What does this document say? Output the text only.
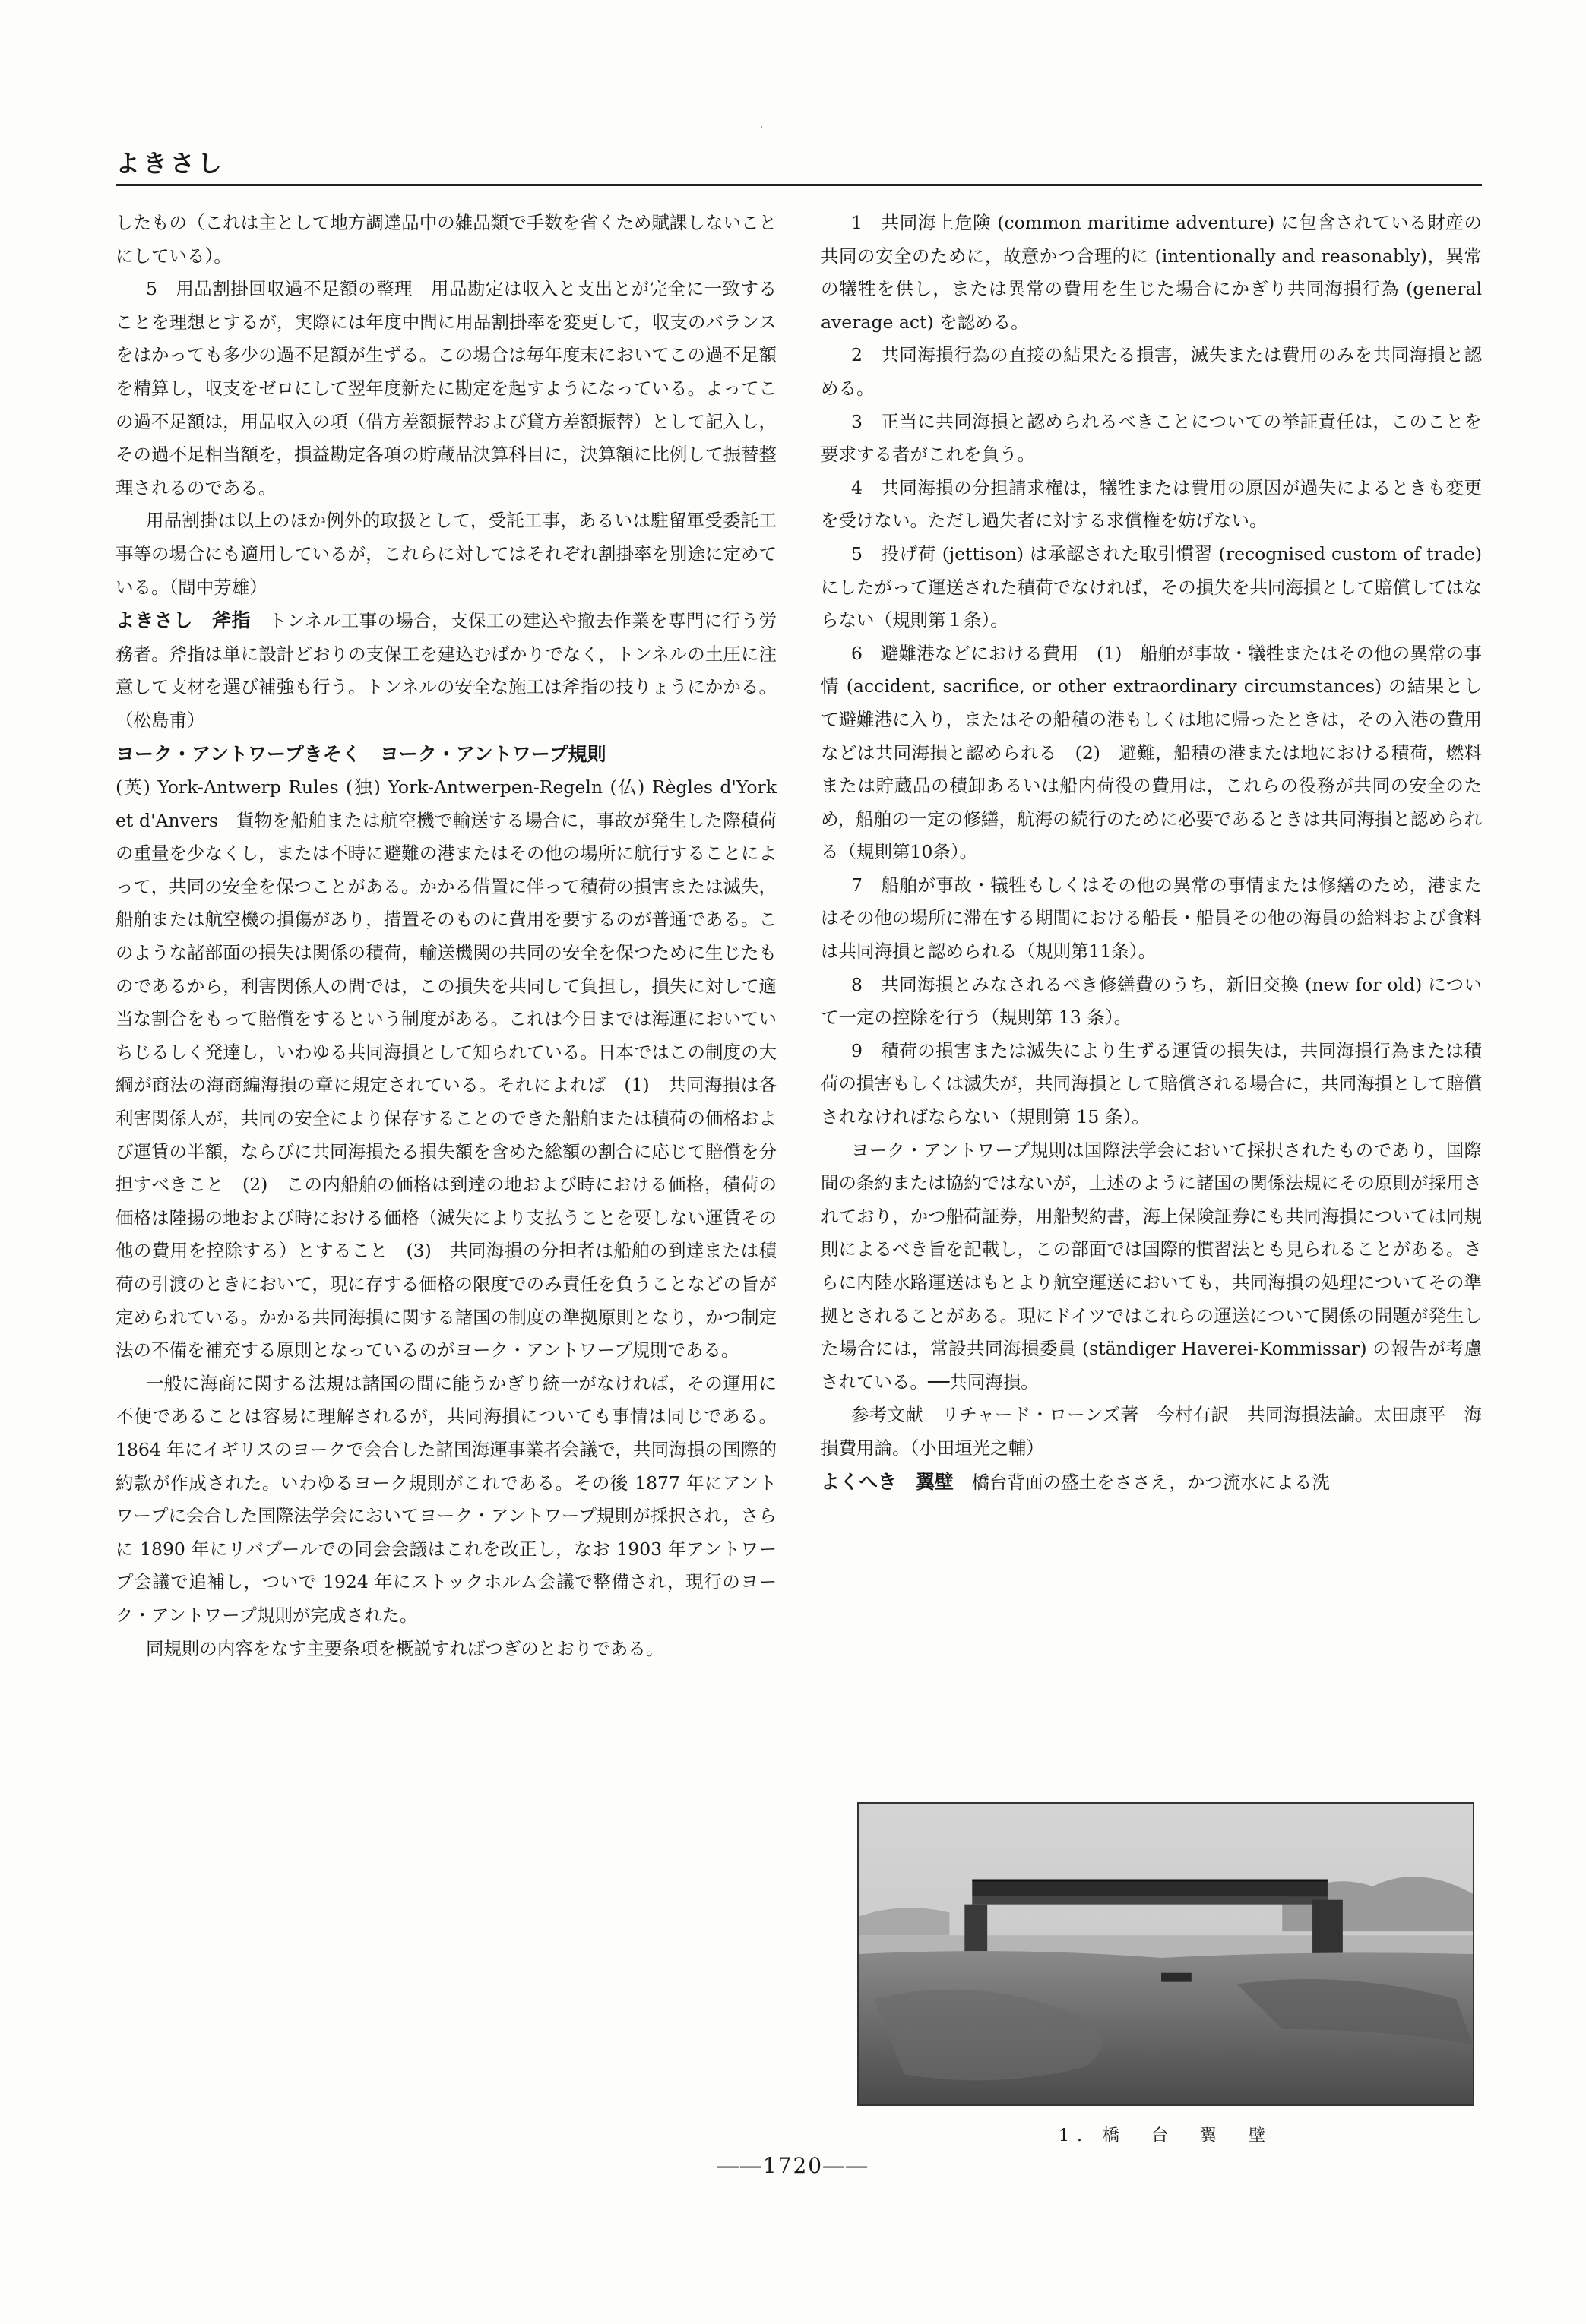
·
よきさし

したもの（これは主として地方調達品中の雑品類で手数を省くため賦課しないことにしている）。

5　用品割掛回収過不足額の整理　用品勘定は収入と支出とが完全に一致することを理想とするが，実際には年度中間に用品割掛率を変更して，収支のバランスをはかっても多少の過不足額が生ずる。この場合は毎年度末においてこの過不足額を精算し，収支をゼロにして翌年度新たに勘定を起すようになっている。よってこの過不足額は，用品収入の項（借方差額振替および貸方差額振替）として記入し，その過不足相当額を，損益勘定各項の貯蔵品決算科目に，決算額に比例して振替整理されるのである。

用品割掛は以上のほか例外的取扱として，受託工事，あるいは駐留軍受委託工事等の場合にも適用しているが，これらに対してはそれぞれ割掛率を別途に定めている。（間中芳雄）

よきさし　斧指　 トンネル工事の場合，支保工の建込や撤去作業を専門に行う労務者。斧指は単に設計どおりの支保工を建込むばかりでなく，トンネルの土圧に注意して支材を選び補強も行う。トンネルの安全な施工は斧指の技りょうにかかる。（松島甫）

ヨーク・アントワープきそく　ヨーク・アントワープ規則

(英) York-Antwerp Rules (独) York-Antwerpen-Regeln (仏) Règles d'York et d'Anvers　貨物を船舶または航空機で輸送する場合に，事故が発生した際積荷の重量を少なくし，または不時に避難の港またはその他の場所に航行することによって，共同の安全を保つことがある。かかる借置に伴って積荷の損害または滅失，船舶または航空機の損傷があり，措置そのものに費用を要するのが普通である。このような諸部面の損失は関係の積荷，輸送機関の共同の安全を保つために生じたものであるから，利害関係人の間では，この損失を共同して負担し，損失に対して適当な割合をもって賠償をするという制度がある。これは今日までは海運においていちじるしく発達し，いわゆる共同海損として知られている。日本ではこの制度の大綱が商法の海商編海損の章に規定されている。それによれば　(1)　共同海損は各利害関係人が，共同の安全により保存することのできた船舶または積荷の価格および運賃の半額，ならびに共同海損たる損失額を含めた総額の割合に応じて賠償を分担すべきこと　(2)　この内船舶の価格は到達の地および時における価格，積荷の価格は陸揚の地および時における価格（滅失により支払うことを要しない運賃その他の費用を控除する）とすること　(3)　共同海損の分担者は船舶の到達または積荷の引渡のときにおいて，現に存する価格の限度でのみ責任を負うことなどの旨が定められている。かかる共同海損に関する諸国の制度の準拠原則となり，かつ制定法の不備を補充する原則となっているのがヨーク・アントワープ規則である。

一般に海商に関する法規は諸国の間に能うかぎり統一がなければ，その運用に不便であることは容易に理解されるが，共同海損についても事情は同じである。1864 年にイギリスのヨークで会合した諸国海運事業者会議で，共同海損の国際的約款が作成された。いわゆるヨーク規則がこれである。その後 1877 年にアントワープに会合した国際法学会においてヨーク・アントワープ規則が採択され，さらに 1890 年にリバプールでの同会会議はこれを改正し，なお 1903 年アントワープ会議で追補し，ついで 1924 年にストックホルム会議で整備され，現行のヨーク・アントワープ規則が完成された。

同規則の内容をなす主要条項を概説すればつぎのとおりである。

1　共同海上危険 (common maritime adventure) に包含されている財産の共同の安全のために，故意かつ合理的に (intentionally and reasonably)，異常の犠牲を供し，または異常の費用を生じた場合にかぎり共同海損行為 (general average act) を認める。

2　共同海損行為の直接の結果たる損害，滅失または費用のみを共同海損と認める。

3　正当に共同海損と認められるべきことについての挙証責任は，このことを要求する者がこれを負う。

4　共同海損の分担請求権は，犠牲または費用の原因が過失によるときも変更を受けない。ただし過失者に対する求償権を妨げない。

5　投げ荷 (jettison) は承認された取引慣習 (recognised custom of trade) にしたがって運送された積荷でなければ，その損失を共同海損として賠償してはならない（規則第１条）。

6　避難港などにおける費用　(1)　船舶が事故・犠牲またはその他の異常の事情 (accident, sacrifice, or other extraordinary circumstances) の結果として避難港に入り，またはその船積の港もしくは地に帰ったときは，その入港の費用などは共同海損と認められる　(2)　避難，船積の港または地における積荷，燃料または貯蔵品の積卸あるいは船内荷役の費用は，これらの役務が共同の安全のため，船舶の一定の修繕，航海の続行のために必要であるときは共同海損と認められる（規則第10条）。

7　船舶が事故・犠牲もしくはその他の異常の事情または修繕のため，港またはその他の場所に滞在する期間における船長・船員その他の海員の給料および食料は共同海損と認められる（規則第11条）。

8　共同海損とみなされるべき修繕費のうち，新旧交換 (new for old) について一定の控除を行う（規則第 13 条）。

9　積荷の損害または滅失により生ずる運賃の損失は，共同海損行為または積荷の損害もしくは滅失が，共同海損として賠償される場合に，共同海損として賠償されなければならない（規則第 15 条）。

ヨーク・アントワープ規則は国際法学会において採択されたものであり，国際間の条約または協約ではないが，上述のように諸国の関係法規にその原則が採用されており，かつ船荷証券，用船契約書，海上保険証券にも共同海損については同規則によるべき旨を記載し，この部面では国際的慣習法とも見られることがある。さらに内陸水路運送はもとより航空運送においても，共同海損の処理についてその準拠とされることがある。現にドイツではこれらの運送について関係の問題が発生した場合には，常設共同海損委員 (ständiger Haverei-Kommissar) の報告が考慮されている。──共同海損。

参考文献　リチャード・ローンズ著　今村有訳　共同海損法論。太田康平　海損費用論。（小田垣光之輔）

よくへき　翼壁　 橋台背面の盛土をささえ，かつ流水による洗

1. 橋　台　翼　壁
――1720――
